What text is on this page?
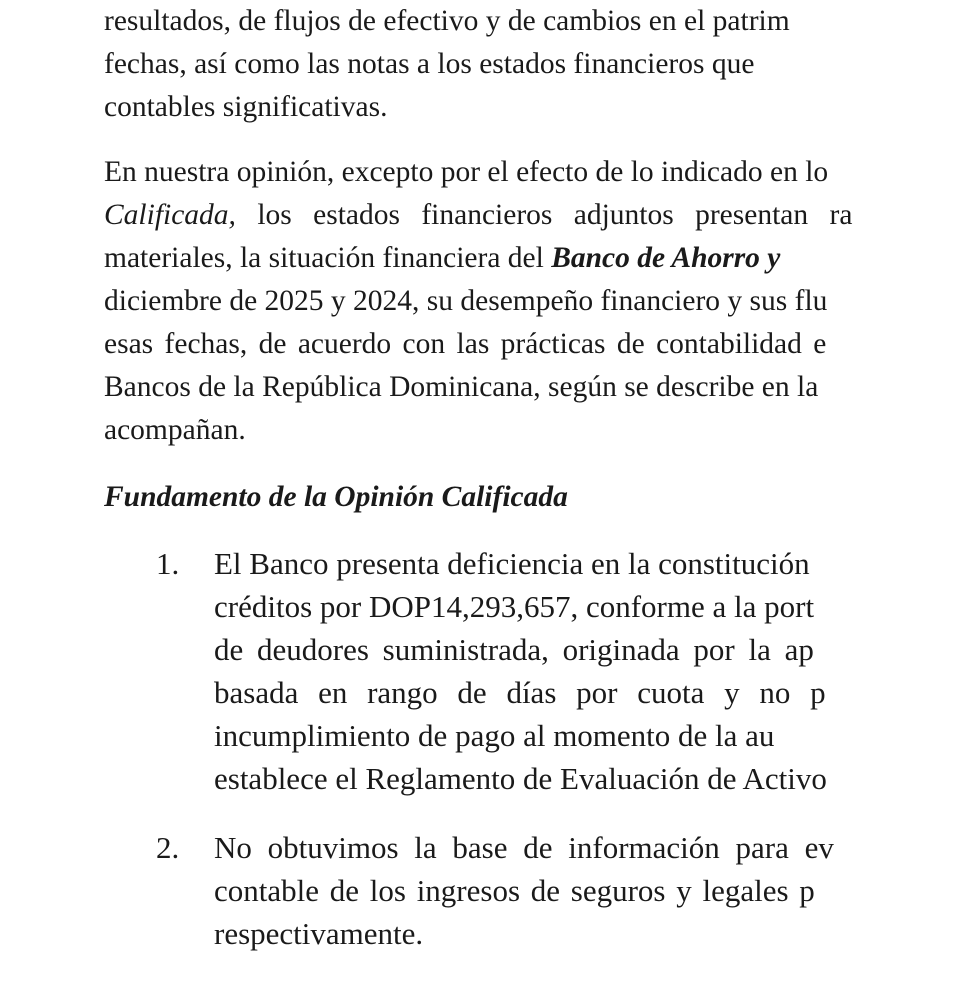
resultados, de flujos de efectivo y de cambios en el patrim
fechas, así como las notas a los estados financieros que
contables significativas.
En nuestra opinión, excepto por el efecto de lo indicado en lo
Calificada, los estados financieros adjuntos presentan ra
materiales, la situación financiera del Banco de Ahorro y
diciembre de 2025 y 2024, su desempeño financiero y sus flu
esas fechas, de acuerdo con las prácticas de contabilidad e
Bancos de la República Dominicana, según se describe en la
acompañan.
Fundamento de la Opinión Calificada
1. El Banco presenta deficiencia en la constitución
créditos por DOP14,293,657, conforme a la port
de deudores suministrada, originada por la ap
basada en rango de días por cuota y no p
incumplimiento de pago al momento de la au
establece el Reglamento de Evaluación de Activo
2. No obtuvimos la base de información para ev
contable de los ingresos de seguros y legales p
respectivamente.
